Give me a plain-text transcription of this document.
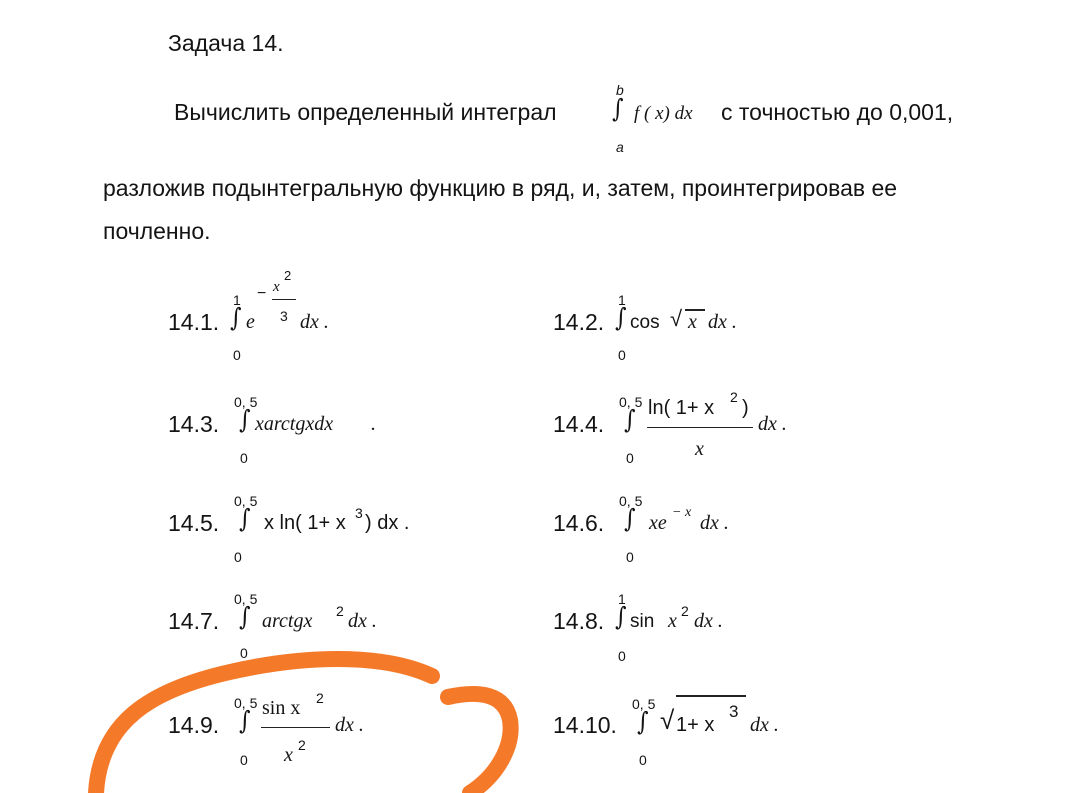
Задача 14.
Вычислить определенный интеграл
b
∫
a
f ( x) dx с точностью до 0,001,
разложив подынтегральную функцию в ряд, и, затем, проинтегрировав ее
почленно.
14.1.
1
∫
0
e
− x
2
3 dx .	14.2.
1
∫
0
cos √ x dx .
14.3.
0, 5
∫
0
xarctgxdx .	14.4.
0, 5
∫
0
ln( 1+ x 2 )
x
dx .
14.5.
0, 5
∫
0
x ln( 1+ x 3 ) dx .	14.6.
0, 5
∫
0
xe − x dx .
14.7.
0, 5
∫
0
arctgx 2 dx .	14.8.
1
∫
0
sin x 2 dx .
14.9.
0, 5
∫
0
sin x 2
x 2
dx .	14.10.
0, 5
∫
0
√ 1+ x
3
dx .
